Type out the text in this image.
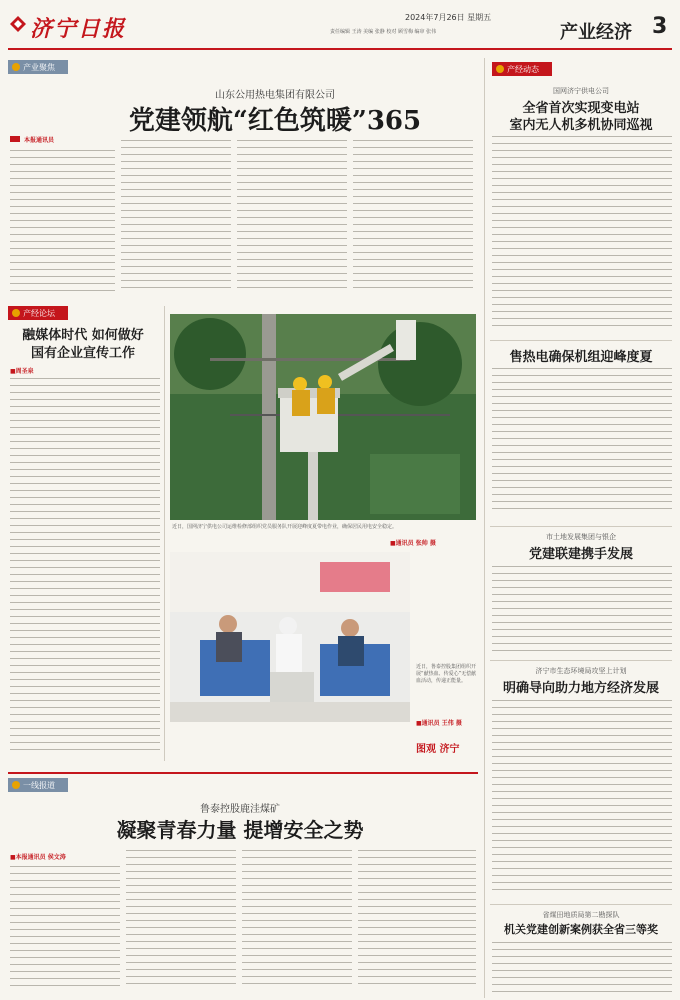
济宁日报	2024年7月26日 星期五
责任编辑 王涛 美编 张静 校对 顾雪梅 编审 张伟	产业经济 3
产业聚焦
山东公用热电集团有限公司
党建领航“红色筑暖”365
本报通讯员
产经论坛
融媒体时代 如何做好
国有企业宣传工作
■周圣泉
近日，国网济宁供电公司运维检修部组织党员服务队开展迎峰度夏带电作业，确保居民用电安全稳定。
■通讯员 张帅 摄
近日，鲁泰控股集团组织开展“献热血、传爱心”无偿献血活动，传递正能量。
■通讯员 王伟 摄
图观 济宁
一线报道
鲁泰控股鹿洼煤矿
凝聚青春力量 提增安全之势
■本报通讯员 侯文涛
产经动态
国网济宁供电公司
全省首次实现变电站
室内无人机多机协同巡视
售热电确保机组迎峰度夏
市土地发展集团与银企
党建联建携手发展
济宁市生态环境局攻坚上计划
明确导向助力地方经济发展
省煤田地质局第二勘探队
机关党建创新案例获全省三等奖
